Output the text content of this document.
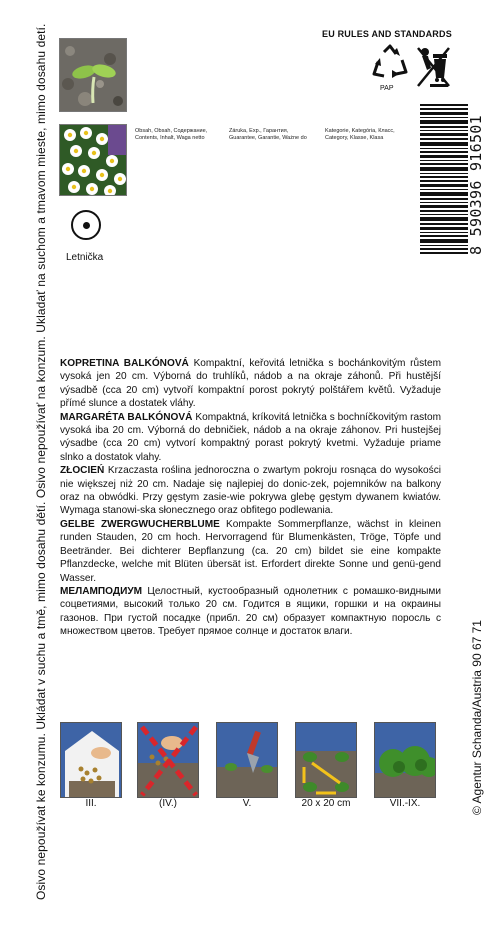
Osivo nepoužívat ke konzumu. Ukládat v suchu a tmě, mimo dosahu dětí. Osivo nepoužívať na konzum. Ukladať na suchom a tmavom mieste, mimo dosahu detí.	EU RULES AND STANDARDS
PAP
Obsah, Obsah, Содержание,
Contents, Inhalt, Waga netto
Záruka, Exp., Гарантия,
Guarantee, Garantie, Ważne do
Kategorie, Kategória, Класс,
Category, Klasse, Klasa
Letnička
8 590396 916501

KOPRETINA BALKÓNOVÁ Kompaktní, keřovitá letnička s bochánkovitým růstem vysoká jen 20 cm. Výborná do truhlíků, nádob a na okraje záhonů. Při hustější výsadbě (cca 20 cm) vytvoří kompaktní porost pokrytý polštářem květů. Vyžaduje přímé slunce a dostatek vláhy.

MARGARÉTA BALKÓNOVÁ Kompaktná, kríkovitá letnička s bochníčkovitým rastom vysoká iba 20 cm. Výborná do debničiek, nádob a na okraje záhonov. Pri hustejšej výsadbe (cca 20 cm) vytvorí kompaktný porast pokrytý kvetmi. Vyžaduje priame slnko a dostatok vlahy.

ZŁOCIEŃ Krzaczasta roślina jednoroczna o zwartym pokroju rosnąca do wysokości nie większej niż 20 cm. Nadaje się najlepiej do donic-zek, pojemników na balkony oraz na obwódki. Przy gęstym zasie-wie pokrywa glebę gęstym dywanem kwiatów. Wymaga stanowi-ska słonecznego oraz obfitego podlewania.

GELBE ZWERGWUCHERBLUME Kompakte Sommerpflanze, wächst in kleinen runden Stauden, 20 cm hoch. Hervorragend für Blumenkästen, Tröge, Töpfe und Beetränder. Bei dichterer Bepflanzung (ca. 20 cm) bildet sie eine kompakte Pflanzdecke, welche mit Blüten übersät ist. Erfordert direkte Sonne und genü-gend Wasser.

МЕЛАМПОДИУМ Целостный, кустообразный однолетник с ромашко-видными соцветиями, высокий только 20 см. Годится в ящики, горшки и на окраины газонов. При густой посадке (прибл. 20 см) образует компактную поросль с множеством цветов. Требует прямое солнце и достаток влаги.

III.	(IV.)	V.	20 x 20 cm	VII.-IX.	© Agentur Schanda/Austria 90 67 71
